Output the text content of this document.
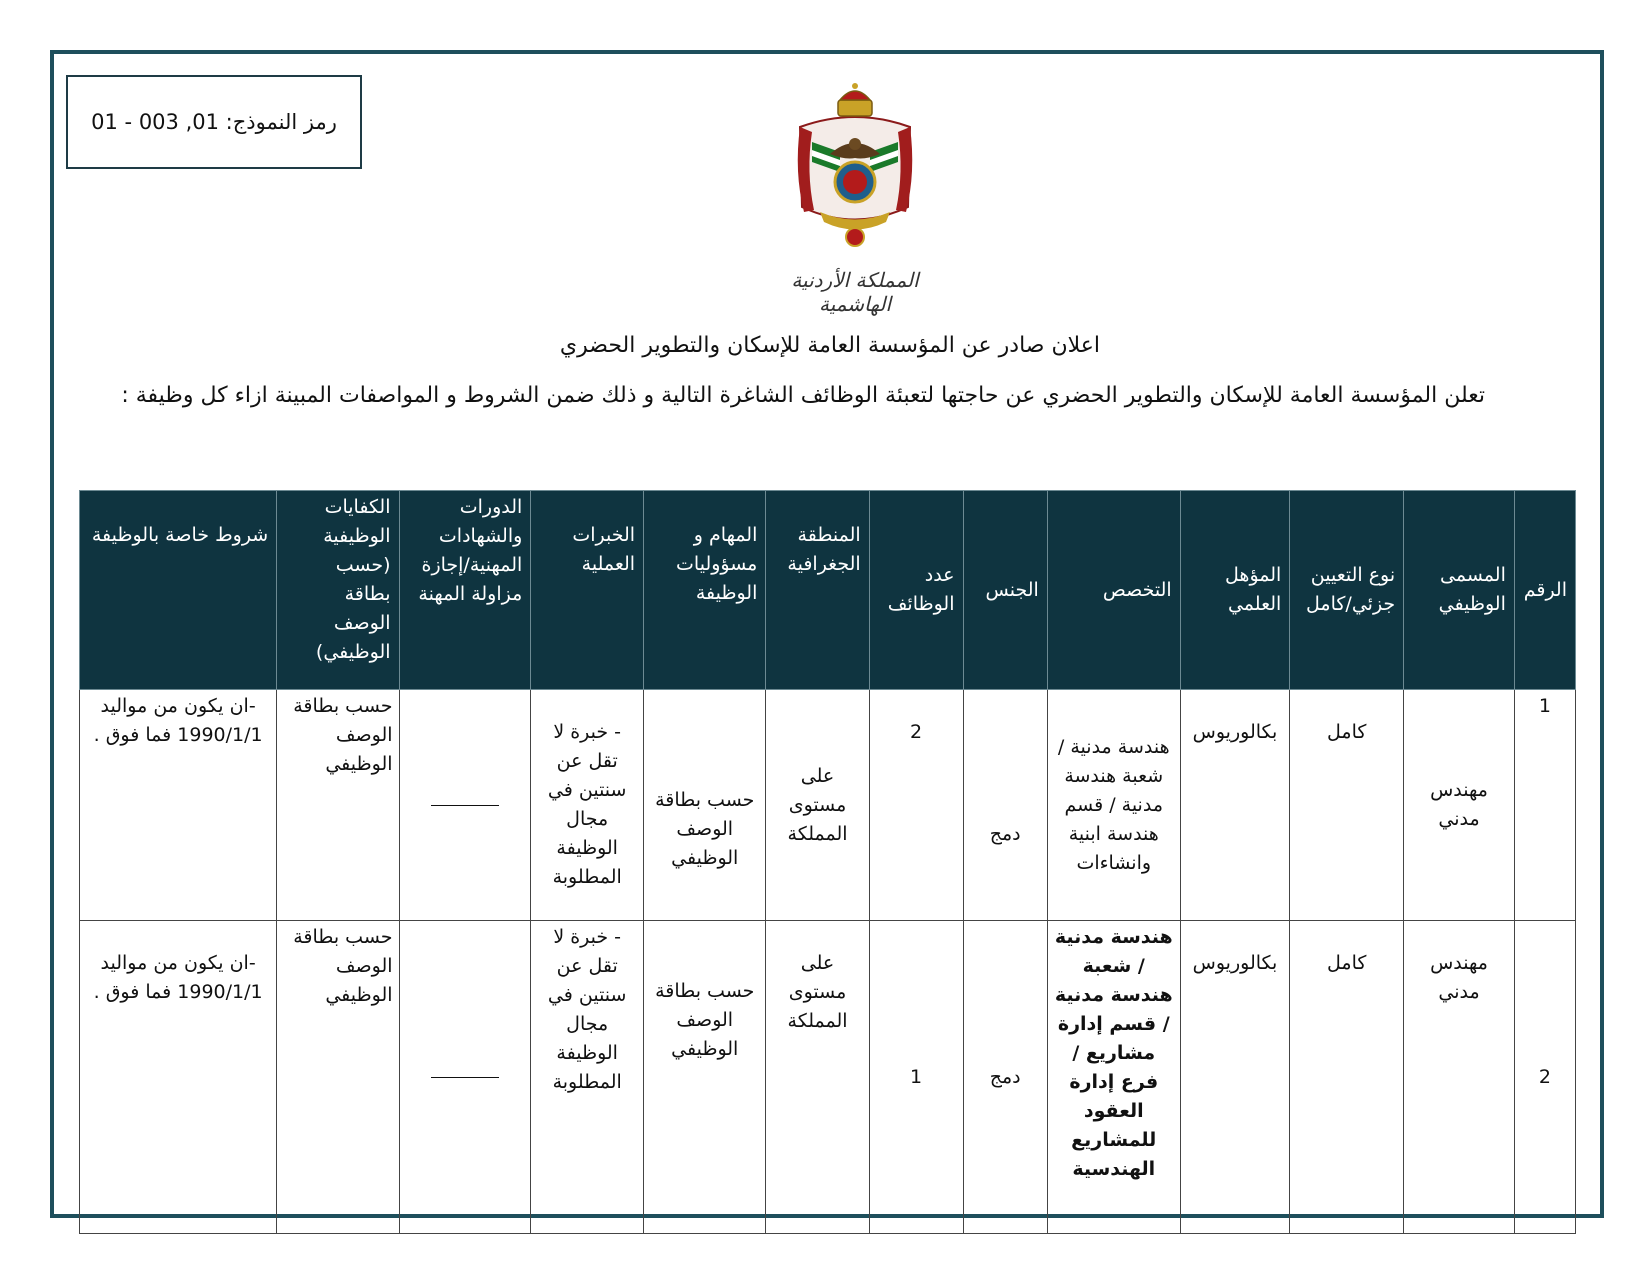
رمز النموذج: 01, 003 - 01
المملكة الأردنية الهاشمية
اعلان صادر عن المؤسسة العامة للإسكان والتطوير الحضري
تعلن المؤسسة العامة للإسكان والتطوير الحضري عن حاجتها لتعبئة الوظائف الشاغرة التالية و ذلك ضمن الشروط و المواصفات المبينة ازاء كل وظيفة :
الرقم	المسمى الوظيفي	نوع التعيين جزئي/كامل	المؤهل العلمي	التخصص	الجنس	عدد الوظائف	المنطقة الجغرافية	المهام و مسؤوليات الوظيفة	الخبرات العملية	الدورات والشهادات المهنية/إجازة مزاولة المهنة	الكفايات الوظيفية (حسب بطاقة الوصف الوظيفي)	شروط خاصة بالوظيفة
1	مهندس مدني	كامل	بكالوريوس	هندسة مدنية / شعبة هندسة مدنية / قسم هندسة ابنية وانشاءات	دمج	2	على مستوى المملكة	حسب بطاقة الوصف الوظيفي	- خبرة لا تقل عن سنتين في مجال الوظيفة المطلوبة		حسب بطاقة الوصف الوظيفي	-ان يكون من مواليد 1990/1/1 فما فوق .
2	مهندس مدني	كامل	بكالوريوس	هندسة مدنية / شعبة هندسة مدنية / قسم إدارة مشاريع / فرع إدارة العقود للمشاريع الهندسية	دمج	1	على مستوى المملكة	حسب بطاقة الوصف الوظيفي	- خبرة لا تقل عن سنتين في مجال الوظيفة المطلوبة		حسب بطاقة الوصف الوظيفي	-ان يكون من مواليد 1990/1/1 فما فوق .
